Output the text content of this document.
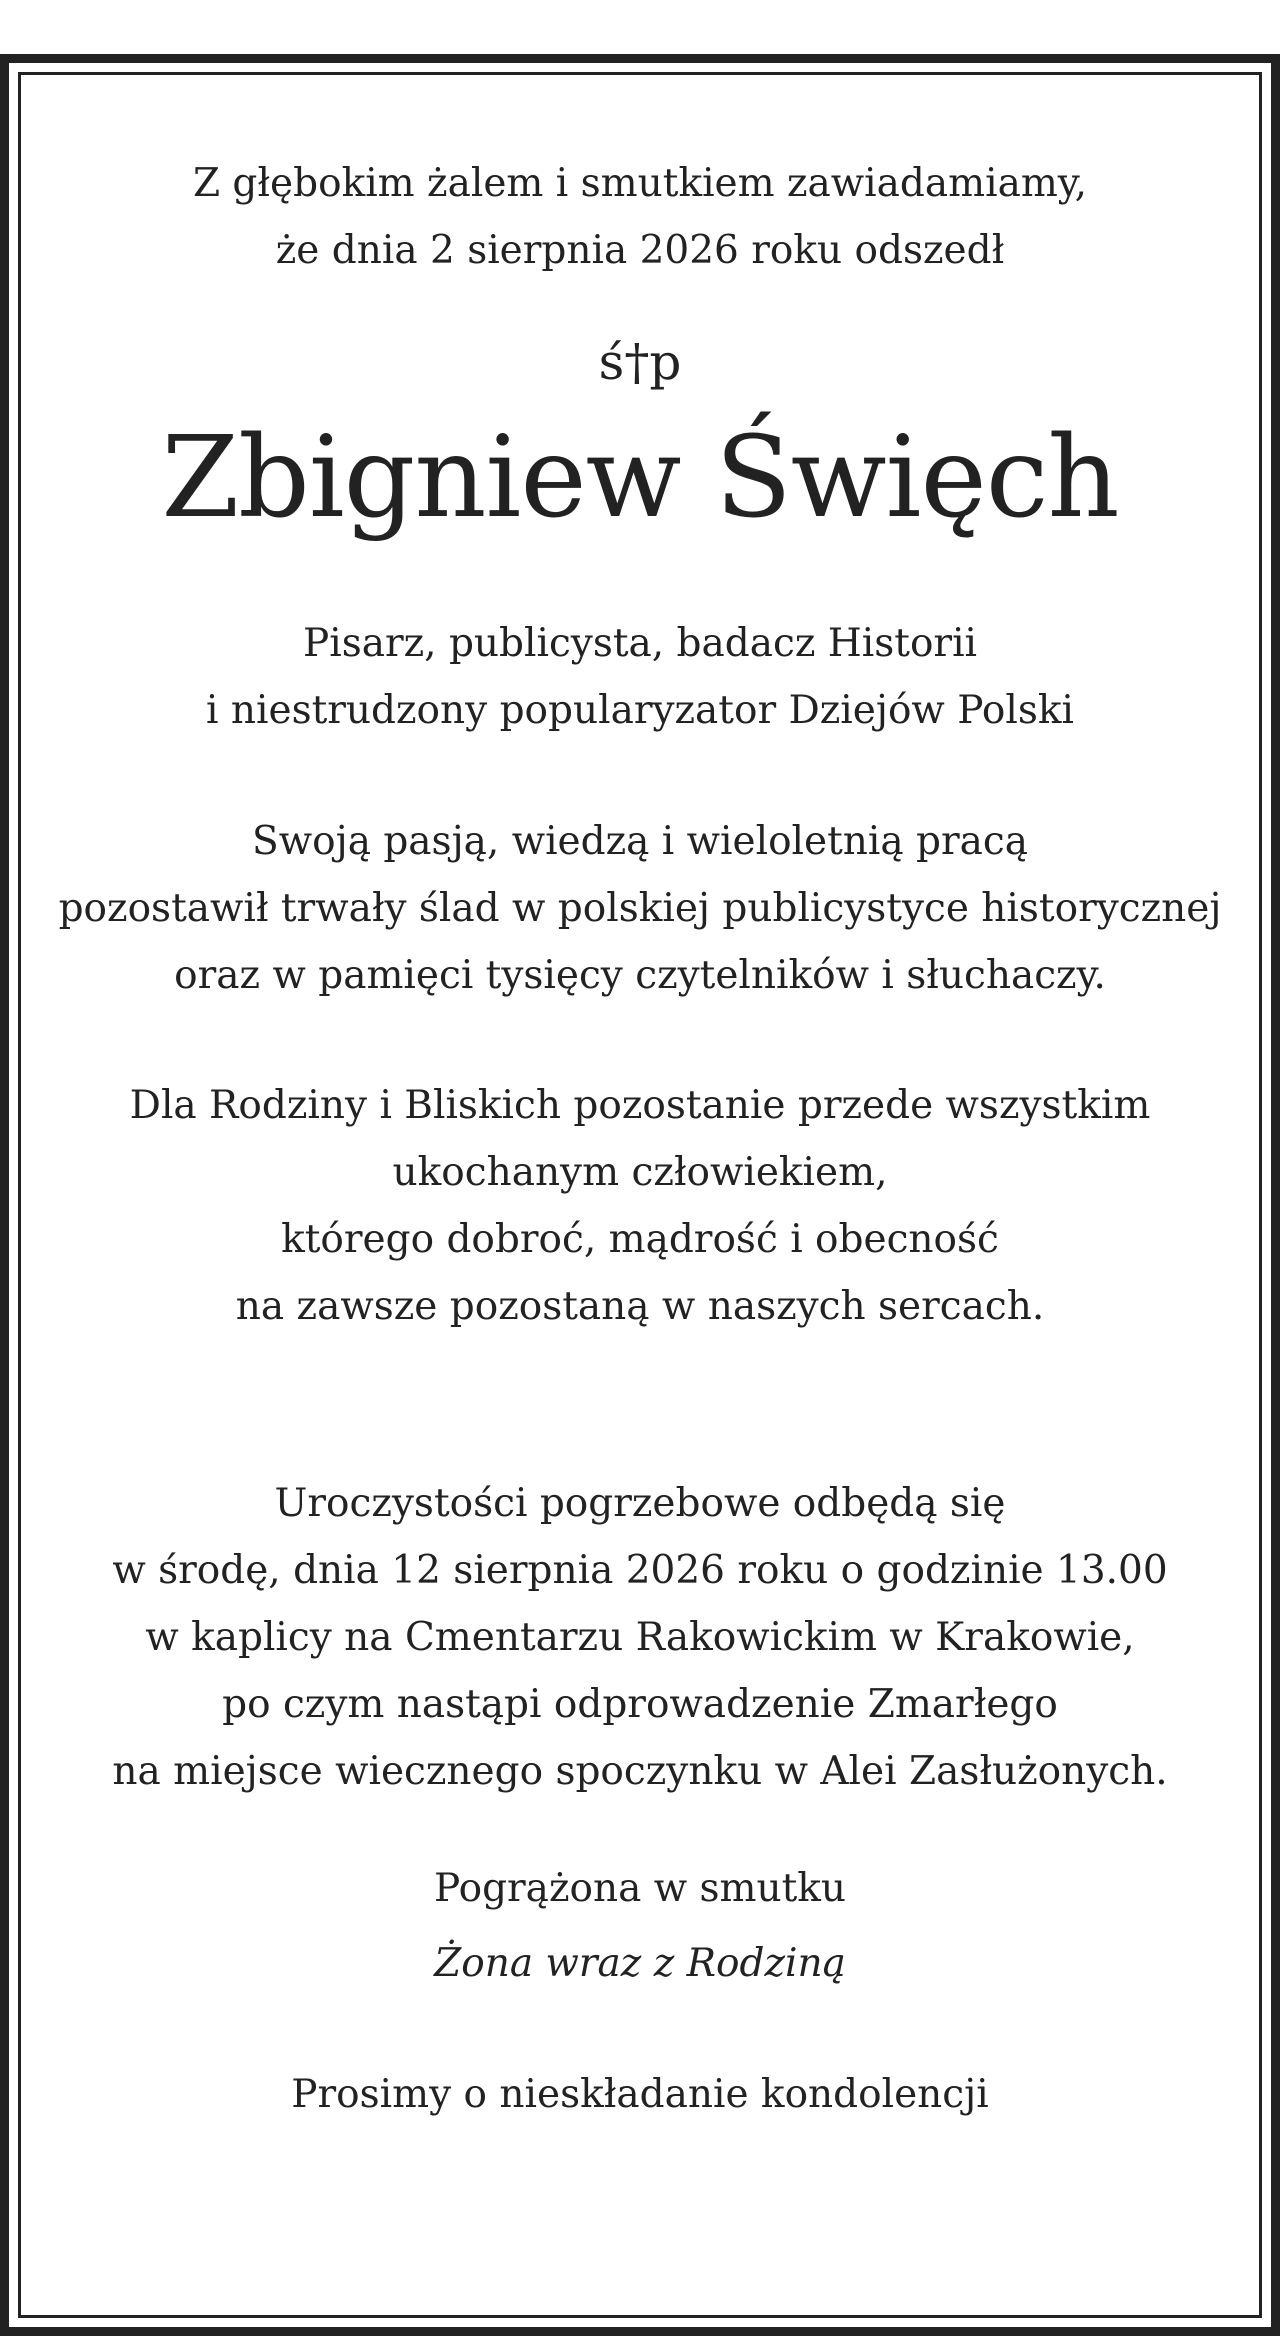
Z głębokim żalem i smutkiem zawiadamiamy,
że dnia 2 sierpnia 2026 roku odszedł
ś†p
Zbigniew Święch
Pisarz, publicysta, badacz Historii
i niestrudzony popularyzator Dziejów Polski
Swoją pasją, wiedzą i wieloletnią pracą
pozostawił trwały ślad w polskiej publicystyce historycznej
oraz w pamięci tysięcy czytelników i słuchaczy.
Dla Rodziny i Bliskich pozostanie przede wszystkim
ukochanym człowiekiem,
którego dobroć, mądrość i obecność
na zawsze pozostaną w naszych sercach.
Uroczystości pogrzebowe odbędą się
w środę, dnia 12 sierpnia 2026 roku o godzinie 13.00
w kaplicy na Cmentarzu Rakowickim w Krakowie,
po czym nastąpi odprowadzenie Zmarłego
na miejsce wiecznego spoczynku w Alei Zasłużonych.
Pogrążona w smutku
Żona wraz z Rodziną
Prosimy o nieskładanie kondolencji
